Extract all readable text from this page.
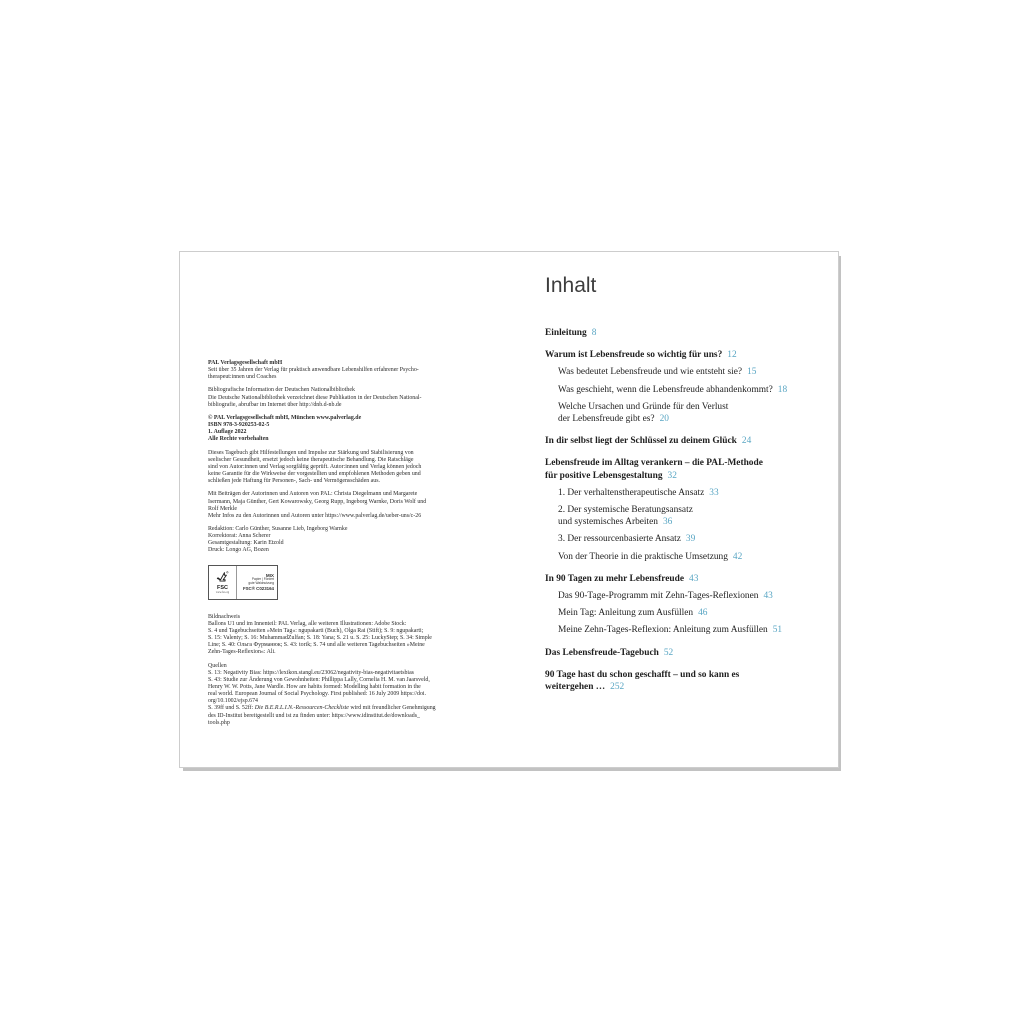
PAL Verlagsgesellschaft mbH
Seit über 35 Jahren der Verlag für praktisch anwendbare Lebenshilfen erfahrener Psycho-
therapeut:innen und Coaches
Bibliografische Information der Deutschen Nationalbibliothek
Die Deutsche Nationalbibliothek verzeichnet diese Publikation in der Deutschen National-
bibliografie, abrufbar im Internet über http://dnb.d-nb.de
© PAL Verlagsgesellschaft mbH, München www.palverlag.de
ISBN 978-3-920253-02-5
1. Auflage 2022
Alle Rechte vorbehalten
Dieses Tagebuch gibt Hilfestellungen und Impulse zur Stärkung und Stabilisierung von
seelischer Gesundheit, ersetzt jedoch keine therapeutische Behandlung. Die Ratschläge
sind von Autor:innen und Verlag sorgfältig geprüft. Autor:innen und Verlag können jedoch
keine Garantie für die Wirkweise der vorgestellten und empfohlenen Methoden geben und
schließen jede Haftung für Personen-, Sach- und Vermögensschäden aus.
Mit Beiträgen der Autorinnen und Autoren von PAL: Christa Diegelmann und Margarete
Isermann, Maja Günther, Gert Kowarowsky, Georg Rupp, Ingeborg Warnke, Doris Wolf und
Rolf Merkle
Mehr Infos zu den Autorinnen und Autoren unter https://www.palverlag.de/ueber-uns/c-26
Redaktion: Carlo Günther, Susanne Lieb, Ingeborg Warnke
Korrektorat: Anna Scherer
Gesamtgestaltung: Karin Etzold
Druck: Longo AG, Bozen
FSC
www.fsc.org
MIX
Papier | Fördert
gute Waldnutzung
FSC® C023164
Bildnachweis
Ballons U1 und im Innenteil: PAL Verlag, alle weiteren Illustrationen: Adobe Stock:
S. 4 und Tagebuchseiten »Mein Tag«: ngupakarti (Buch), Olga Rai (Stift); S. 9: ngupakarti;
S. 15: Valenty; S. 16: MuhammadZulfan; S. 18: Yana; S. 21 u. S. 25: LuckyStep; S. 34: Simple
Line; S. 40: Ольга Фурманюк; S. 43: torik; S. 74 und alle weiteren Tagebuchseiten »Meine
Zehn-Tages-Reflexion«: Ali.
Quellen
S. 13: Negativity Bias: https://lexikon.stangl.eu/23062/negativity-bias-negativitaetsbias
S. 43: Studie zur Änderung von Gewohnheiten: Phillippa Lally, Cornelia H. M. van Jaarsveld,
Henry W. W. Potts, Jane Wardle. How are habits formed: Modelling habit formation in the
real world. European Journal of Social Psychology. First published: 16 July 2009 https://doi.
org/10.1002/ejsp.674
S. 39ff und S. 52ff: Die B.E.R.L.I.N.-Ressourcen-Checkliste wird mit freundlicher Genehmigung
des ID-Institut bereitgestellt und ist zu finden unter: https://www.idinstitut.de/downloads_
tools.php
Inhalt
Einleitung 8
Warum ist Lebensfreude so wichtig für uns? 12
Was bedeutet Lebensfreude und wie entsteht sie? 15
Was geschieht, wenn die Lebensfreude abhandenkommt? 18
Welche Ursachen und Gründe für den Verlust
der Lebensfreude gibt es? 20
In dir selbst liegt der Schlüssel zu deinem Glück 24
Lebensfreude im Alltag verankern – die PAL-Methode
für positive Lebensgestaltung 32
1. Der verhaltenstherapeutische Ansatz 33
2. Der systemische Beratungsansatz
und systemisches Arbeiten 36
3. Der ressourcenbasierte Ansatz 39
Von der Theorie in die praktische Umsetzung 42
In 90 Tagen zu mehr Lebensfreude 43
Das 90-Tage-Programm mit Zehn-Tages-Reflexionen 43
Mein Tag: Anleitung zum Ausfüllen 46
Meine Zehn-Tages-Reflexion: Anleitung zum Ausfüllen 51
Das Lebensfreude-Tagebuch 52
90 Tage hast du schon geschafft – und so kann es
weitergehen … 252
